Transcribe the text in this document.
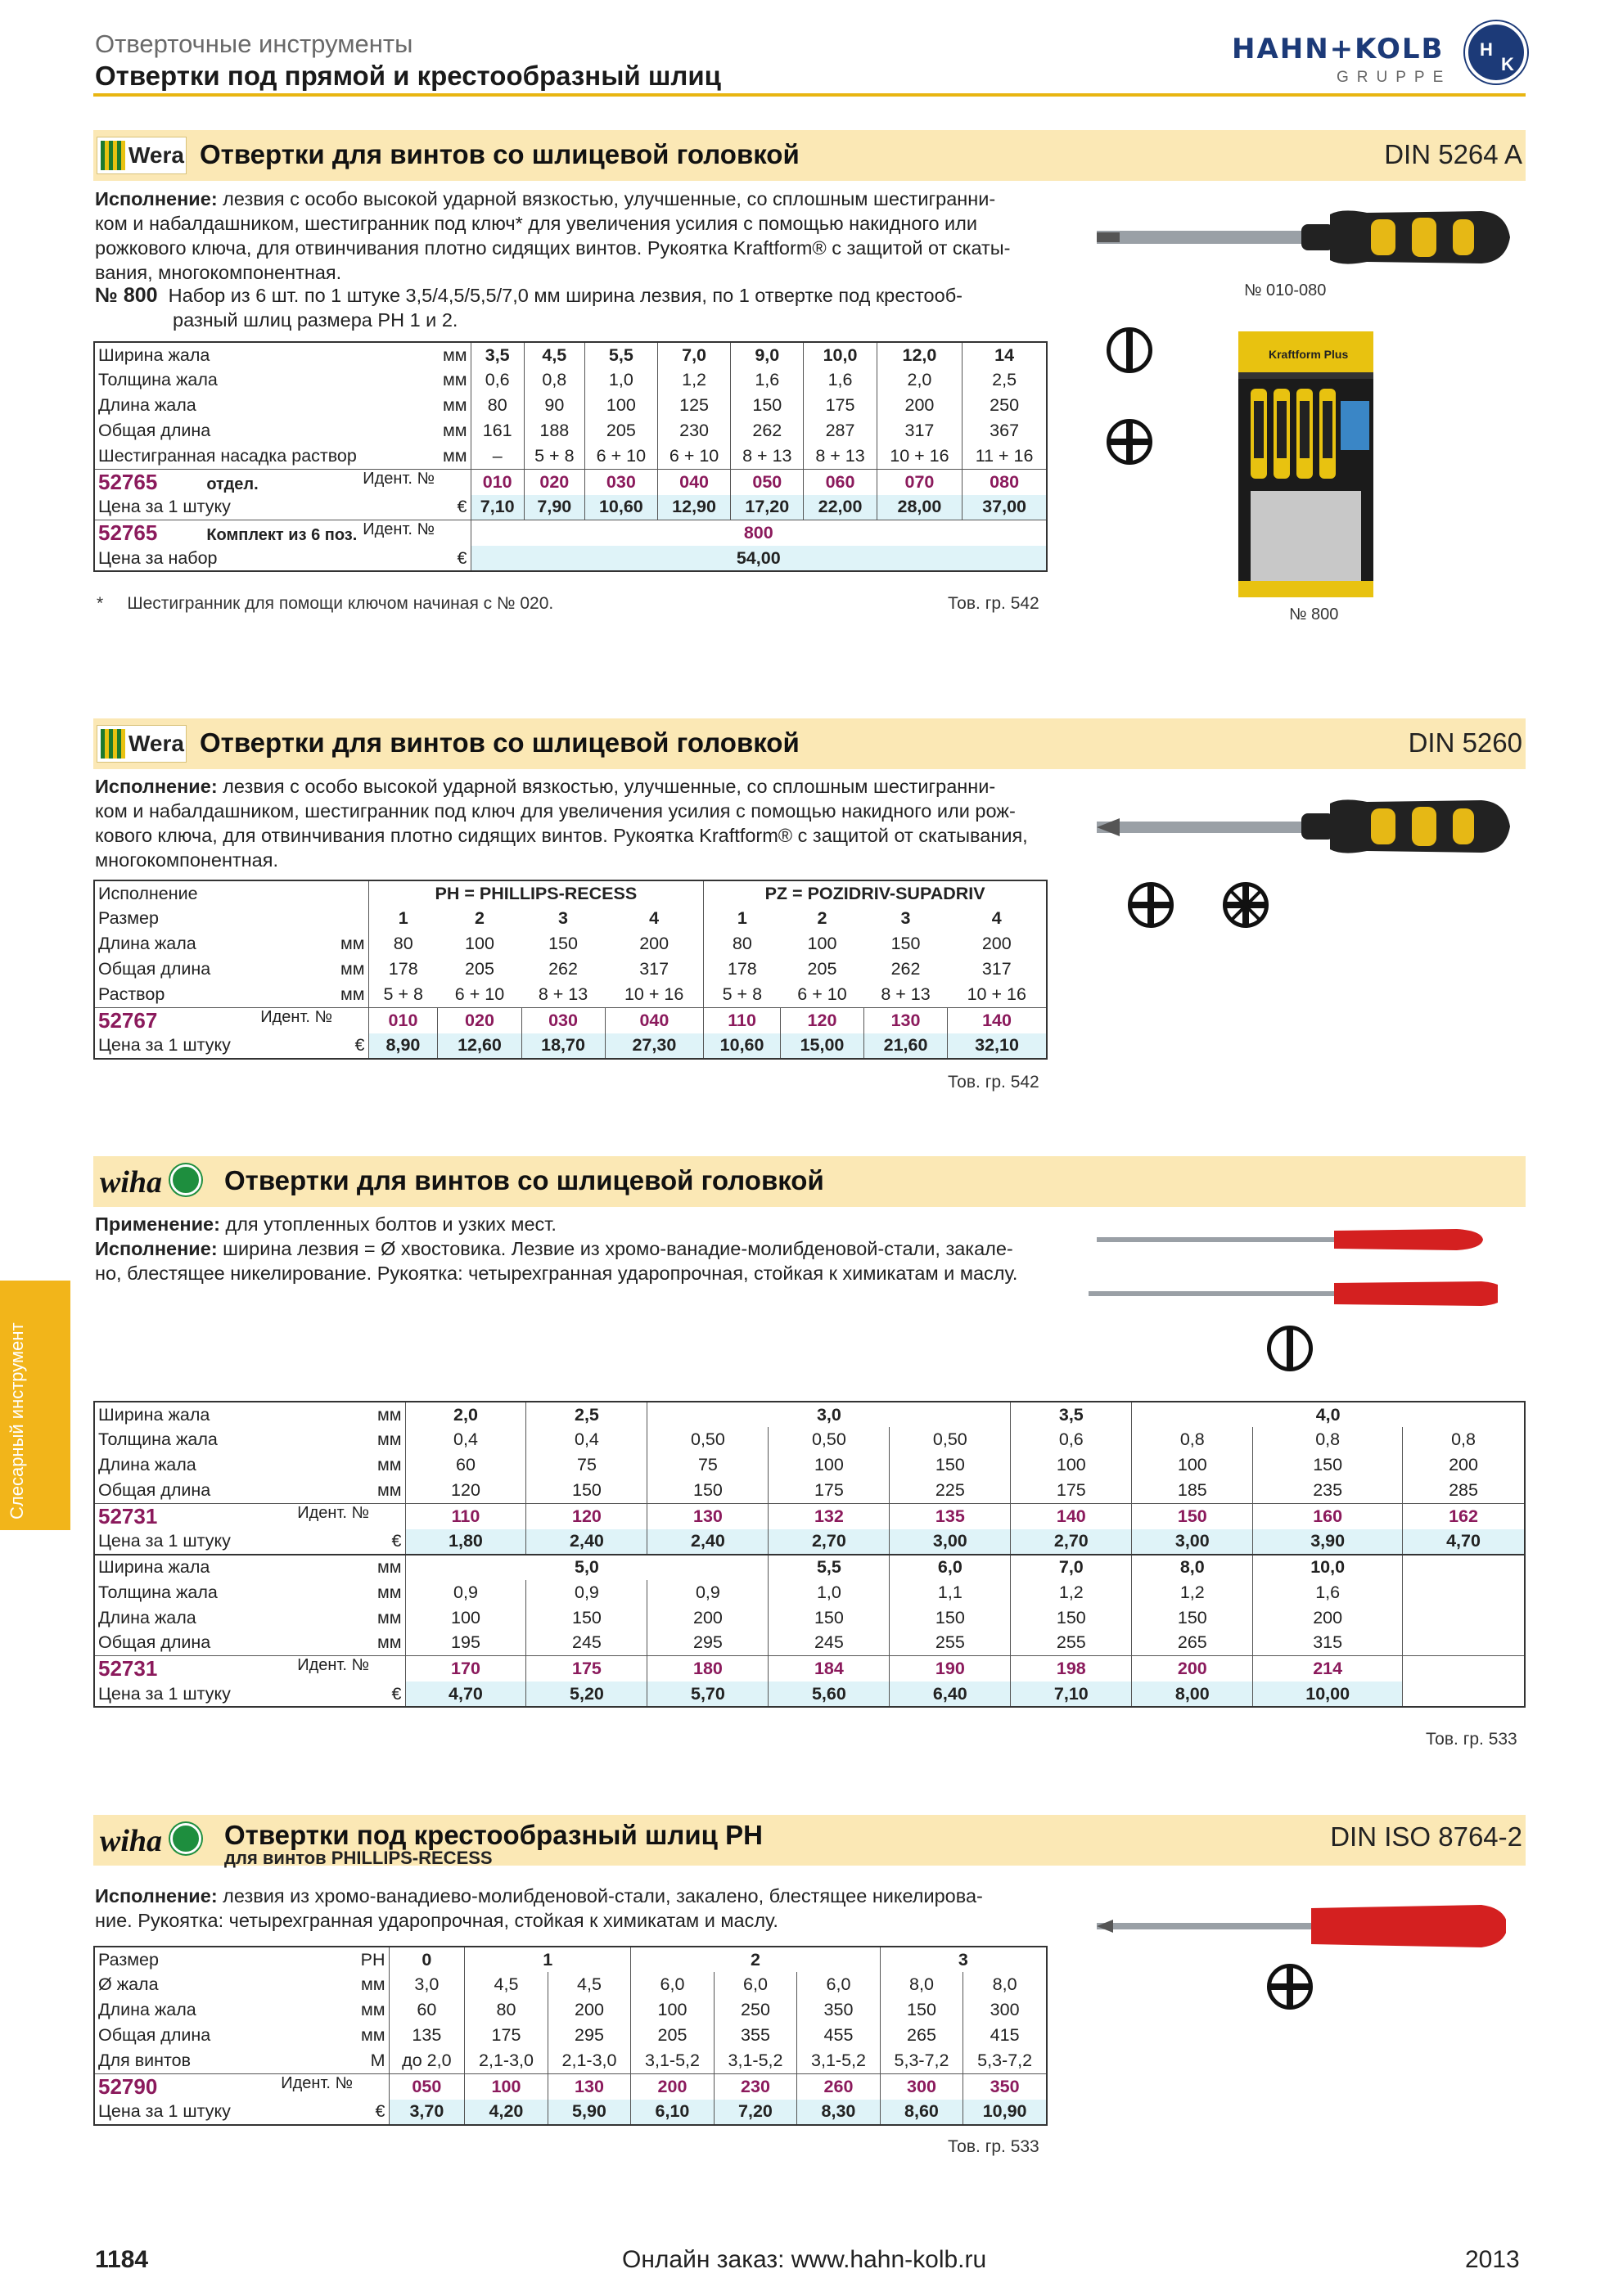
Отверточные инструменты
Отвертки под прямой и крестообразный шлиц
HAHN+KOLB
GRUPPE
H
K
Слесарный инструмент
Wera Отвертки для винтов со шлицевой головкой	DIN 5264 A
Исполнение: лезвия с особо высокой ударной вязкостью, улучшенные, со сплошным шестигранни-
ком и набалдашником, шестигранник под ключ* для увеличения усилия с помощью накидного или
рожкового ключа, для отвинчивания плотно сидящих винтов. Рукоятка Kraftform® с защитой от скаты-
вания, многокомпонентная.
№ 800 Набор из 6 шт. по 1 штуке 3,5/4,5/5,5/7,0 мм ширина лезвия, по 1 отвертке под крестооб-
разный шлиц размера PH 1 и 2.
Ширина жала	мм	3,5	4,5	5,5	7,0	9,0	10,0	12,0	14
Толщина жала	мм	0,6	0,8	1,0	1,2	1,6	1,6	2,0	2,5
Длина жала	мм	80	90	100	125	150	175	200	250
Общая длина	мм	161	188	205	230	262	287	317	367
Шестигранная насадка раствор	мм	–	5 + 8	6 + 10	6 + 10	8 + 13	8 + 13	10 + 16	11 + 16
52765 отдел. Идент. №		010	020	030	040	050	060	070	080
Цена за 1 штуку	€	7,10	7,90	10,60	12,90	17,20	22,00	28,00	37,00
52765 Комплект из 6 поз. Идент. №		800							
Цена за набор	€	54,00							
* Шестигранник для помощи ключом начиная с № 020.	Тов. гр. 542
№ 010-080
Kraftform Plus
№ 800
Wera Отвертки для винтов со шлицевой головкой	DIN 5260
Исполнение: лезвия с особо высокой ударной вязкостью, улучшенные, со сплошным шестигранни-
ком и набалдашником, шестигранник под ключ для увеличения усилия с помощью накидного или рож-
кового ключа, для отвинчивания плотно сидящих винтов. Рукоятка Kraftform® с защитой от скатывания,
многокомпонентная.
Исполнение		PH = PHILLIPS-RECESS				PZ = POZIDRIV-SUPADRIV			
Размер		1	2	3	4	1	2	3	4
Длина жала	мм	80	100	150	200	80	100	150	200
Общая длина	мм	178	205	262	317	178	205	262	317
Раствор	мм	5 + 8	6 + 10	8 + 13	10 + 16	5 + 8	6 + 10	8 + 13	10 + 16
52767 Идент. №		010	020	030	040	110	120	130	140
Цена за 1 штуку	€	8,90	12,60	18,70	27,30	10,60	15,00	21,60	32,10
Тов. гр. 542
wiha Отвертки для винтов со шлицевой головкой
Применение: для утопленных болтов и узких мест.
Исполнение: ширина лезвия = Ø хвостовика. Лезвие из хромо-ванадие-молибденовой-стали, закале-
но, блестящее никелирование. Рукоятка: четырехгранная ударопрочная, стойкая к химикатам и маслу.
Ширина жала	мм	2,0	2,5	3,0			3,5	4,0		
Толщина жала	мм	0,4	0,4	0,50	0,50	0,50	0,6	0,8	0,8	0,8
Длина жала	мм	60	75	75	100	150	100	100	150	200
Общая длина	мм	120	150	150	175	225	175	185	235	285
52731 Идент. №		110	120	130	132	135	140	150	160	162
Цена за 1 штуку	€	1,80	2,40	2,40	2,70	3,00	2,70	3,00	3,90	4,70
Ширина жала	мм	5,0			5,5	6,0	7,0	8,0	10,0	
Толщина жала	мм	0,9	0,9	0,9	1,0	1,1	1,2	1,2	1,6	
Длина жала	мм	100	150	200	150	150	150	150	200	
Общая длина	мм	195	245	295	245	255	255	265	315	
52731 Идент. №		170	175	180	184	190	198	200	214	
Цена за 1 штуку	€	4,70	5,20	5,70	5,60	6,40	7,10	8,00	10,00	
Тов. гр. 533
wiha Отвертки под крестообразный шлиц PH
для винтов PHILLIPS-RECESS
DIN ISO 8764-2
Исполнение: лезвия из хромо-ванадиево-молибденовой-стали, закалено, блестящее никелирова-
ние. Рукоятка: четырехгранная ударопрочная, стойкая к химикатам и маслу.
Размер	PH	0	1		2			3	
Ø жала	мм	3,0	4,5	4,5	6,0	6,0	6,0	8,0	8,0
Длина жала	мм	60	80	200	100	250	350	150	300
Общая длина	мм	135	175	295	205	355	455	265	415
Для винтов	М	до 2,0	2,1-3,0	2,1-3,0	3,1-5,2	3,1-5,2	3,1-5,2	5,3-7,2	5,3-7,2
52790 Идент. №		050	100	130	200	230	260	300	350
Цена за 1 штуку	€	3,70	4,20	5,90	6,10	7,20	8,30	8,60	10,90
Тов. гр. 533
1184	Онлайн заказ: www.hahn-kolb.ru	2013
